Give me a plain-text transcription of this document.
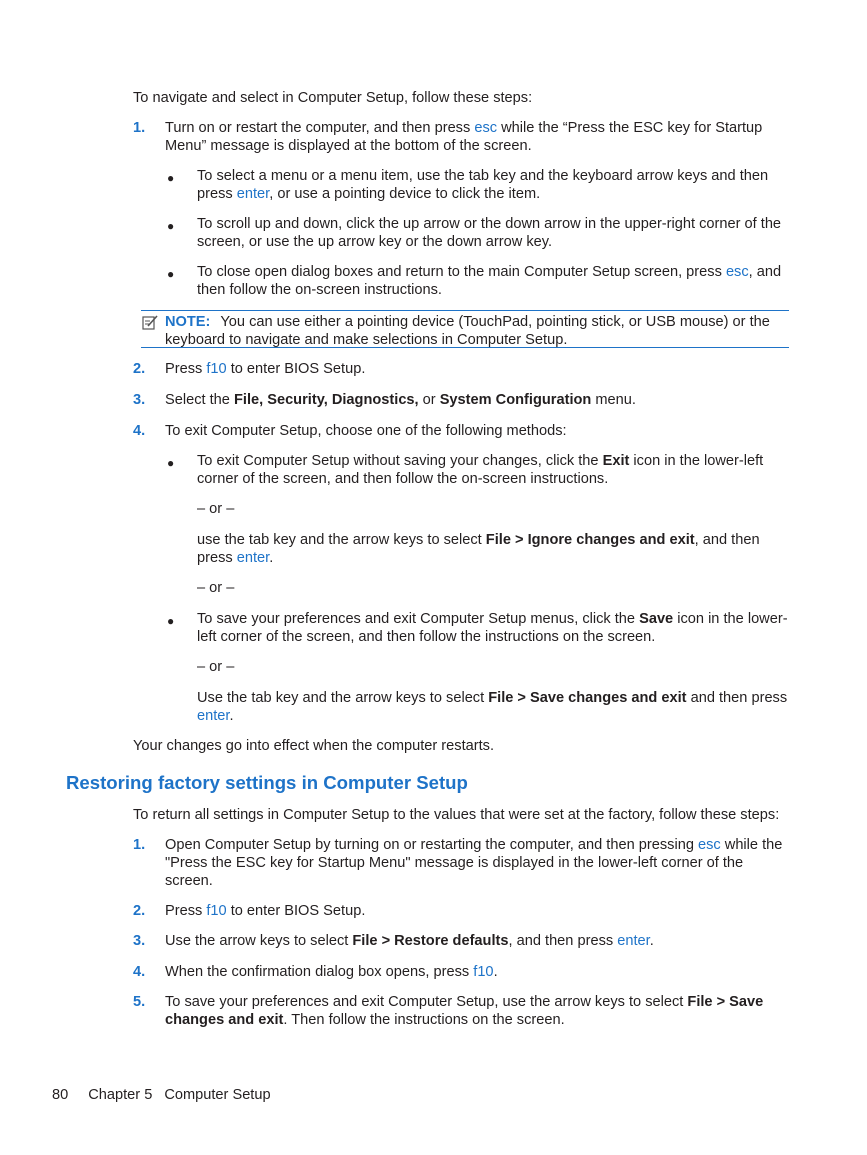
To navigate and select in Computer Setup, follow these steps:
1. Turn on or restart the computer, and then press esc while the “Press the ESC key for Startup Menu” message is displayed at the bottom of the screen.
● To select a menu or a menu item, use the tab key and the keyboard arrow keys and then press enter, or use a pointing device to click the item.
● To scroll up and down, click the up arrow or the down arrow in the upper-right corner of the screen, or use the up arrow key or the down arrow key.
● To close open dialog boxes and return to the main Computer Setup screen, press esc, and then follow the on-screen instructions.
NOTE: You can use either a pointing device (TouchPad, pointing stick, or USB mouse) or the keyboard to navigate and make selections in Computer Setup.
2. Press f10 to enter BIOS Setup.
3. Select the File, Security, Diagnostics, or System Configuration menu.
4. To exit Computer Setup, choose one of the following methods:
● To exit Computer Setup without saving your changes, click the Exit icon in the lower-left corner of the screen, and then follow the on-screen instructions.
– or –
use the tab key and the arrow keys to select File > Ignore changes and exit, and then press enter.
– or –
● To save your preferences and exit Computer Setup menus, click the Save icon in the lower-left corner of the screen, and then follow the instructions on the screen.
– or –
Use the tab key and the arrow keys to select File > Save changes and exit and then press enter.
Your changes go into effect when the computer restarts.
Restoring factory settings in Computer Setup
To return all settings in Computer Setup to the values that were set at the factory, follow these steps:
1. Open Computer Setup by turning on or restarting the computer, and then pressing esc while the "Press the ESC key for Startup Menu" message is displayed in the lower-left corner of the screen.
2. Press f10 to enter BIOS Setup.
3. Use the arrow keys to select File > Restore defaults, and then press enter.
4. When the confirmation dialog box opens, press f10.
5. To save your preferences and exit Computer Setup, use the arrow keys to select File > Save changes and exit. Then follow the instructions on the screen.
80 Chapter 5 Computer Setup
